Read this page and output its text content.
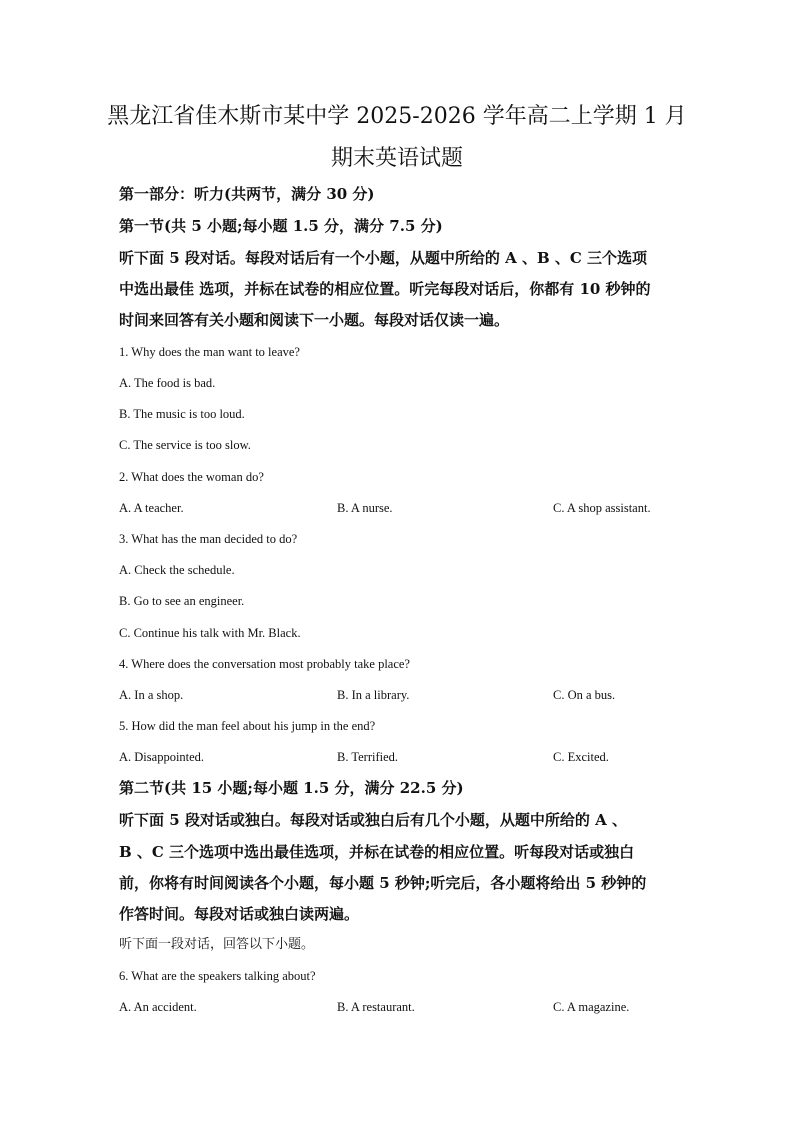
黑龙江省佳木斯市某中学 2025-2026 学年高二上学期 1 月
期末英语试题
第一部分：听力(共两节，满分 30 分)
第一节(共 5 小题;每小题 1.5 分，满分 7.5 分)
听下面 5 段对话。每段对话后有一个小题，从题中所给的 A 、B 、C 三个选项
中选出最佳 选项，并标在试卷的相应位置。听完每段对话后，你都有 10 秒钟的
时间来回答有关小题和阅读下一小题。每段对话仅读一遍。
1. Why does the man want to leave?
A. The food is bad.
B. The music is too loud.
C. The service is too slow.
2. What does the woman do?
A. A teacher.	B. A nurse.	C. A shop assistant.
3. What has the man decided to do?
A. Check the schedule.
B. Go to see an engineer.
C. Continue his talk with Mr. Black.
4. Where does the conversation most probably take place?
A. In a shop.	B. In a library.	C. On a bus.
5. How did the man feel about his jump in the end?
A. Disappointed.	B. Terrified.	C. Excited.
第二节(共 15 小题;每小题 1.5 分，满分 22.5 分)
听下面 5 段对话或独白。每段对话或独白后有几个小题，从题中所给的 A 、
B 、C 三个选项中选出最佳选项，并标在试卷的相应位置。听每段对话或独白
前，你将有时间阅读各个小题，每小题 5 秒钟;听完后，各小题将给出 5 秒钟的
作答时间。每段对话或独白读两遍。
听下面一段对话，回答以下小题。
6. What are the speakers talking about?
A. An accident.	B. A restaurant.	C. A magazine.
